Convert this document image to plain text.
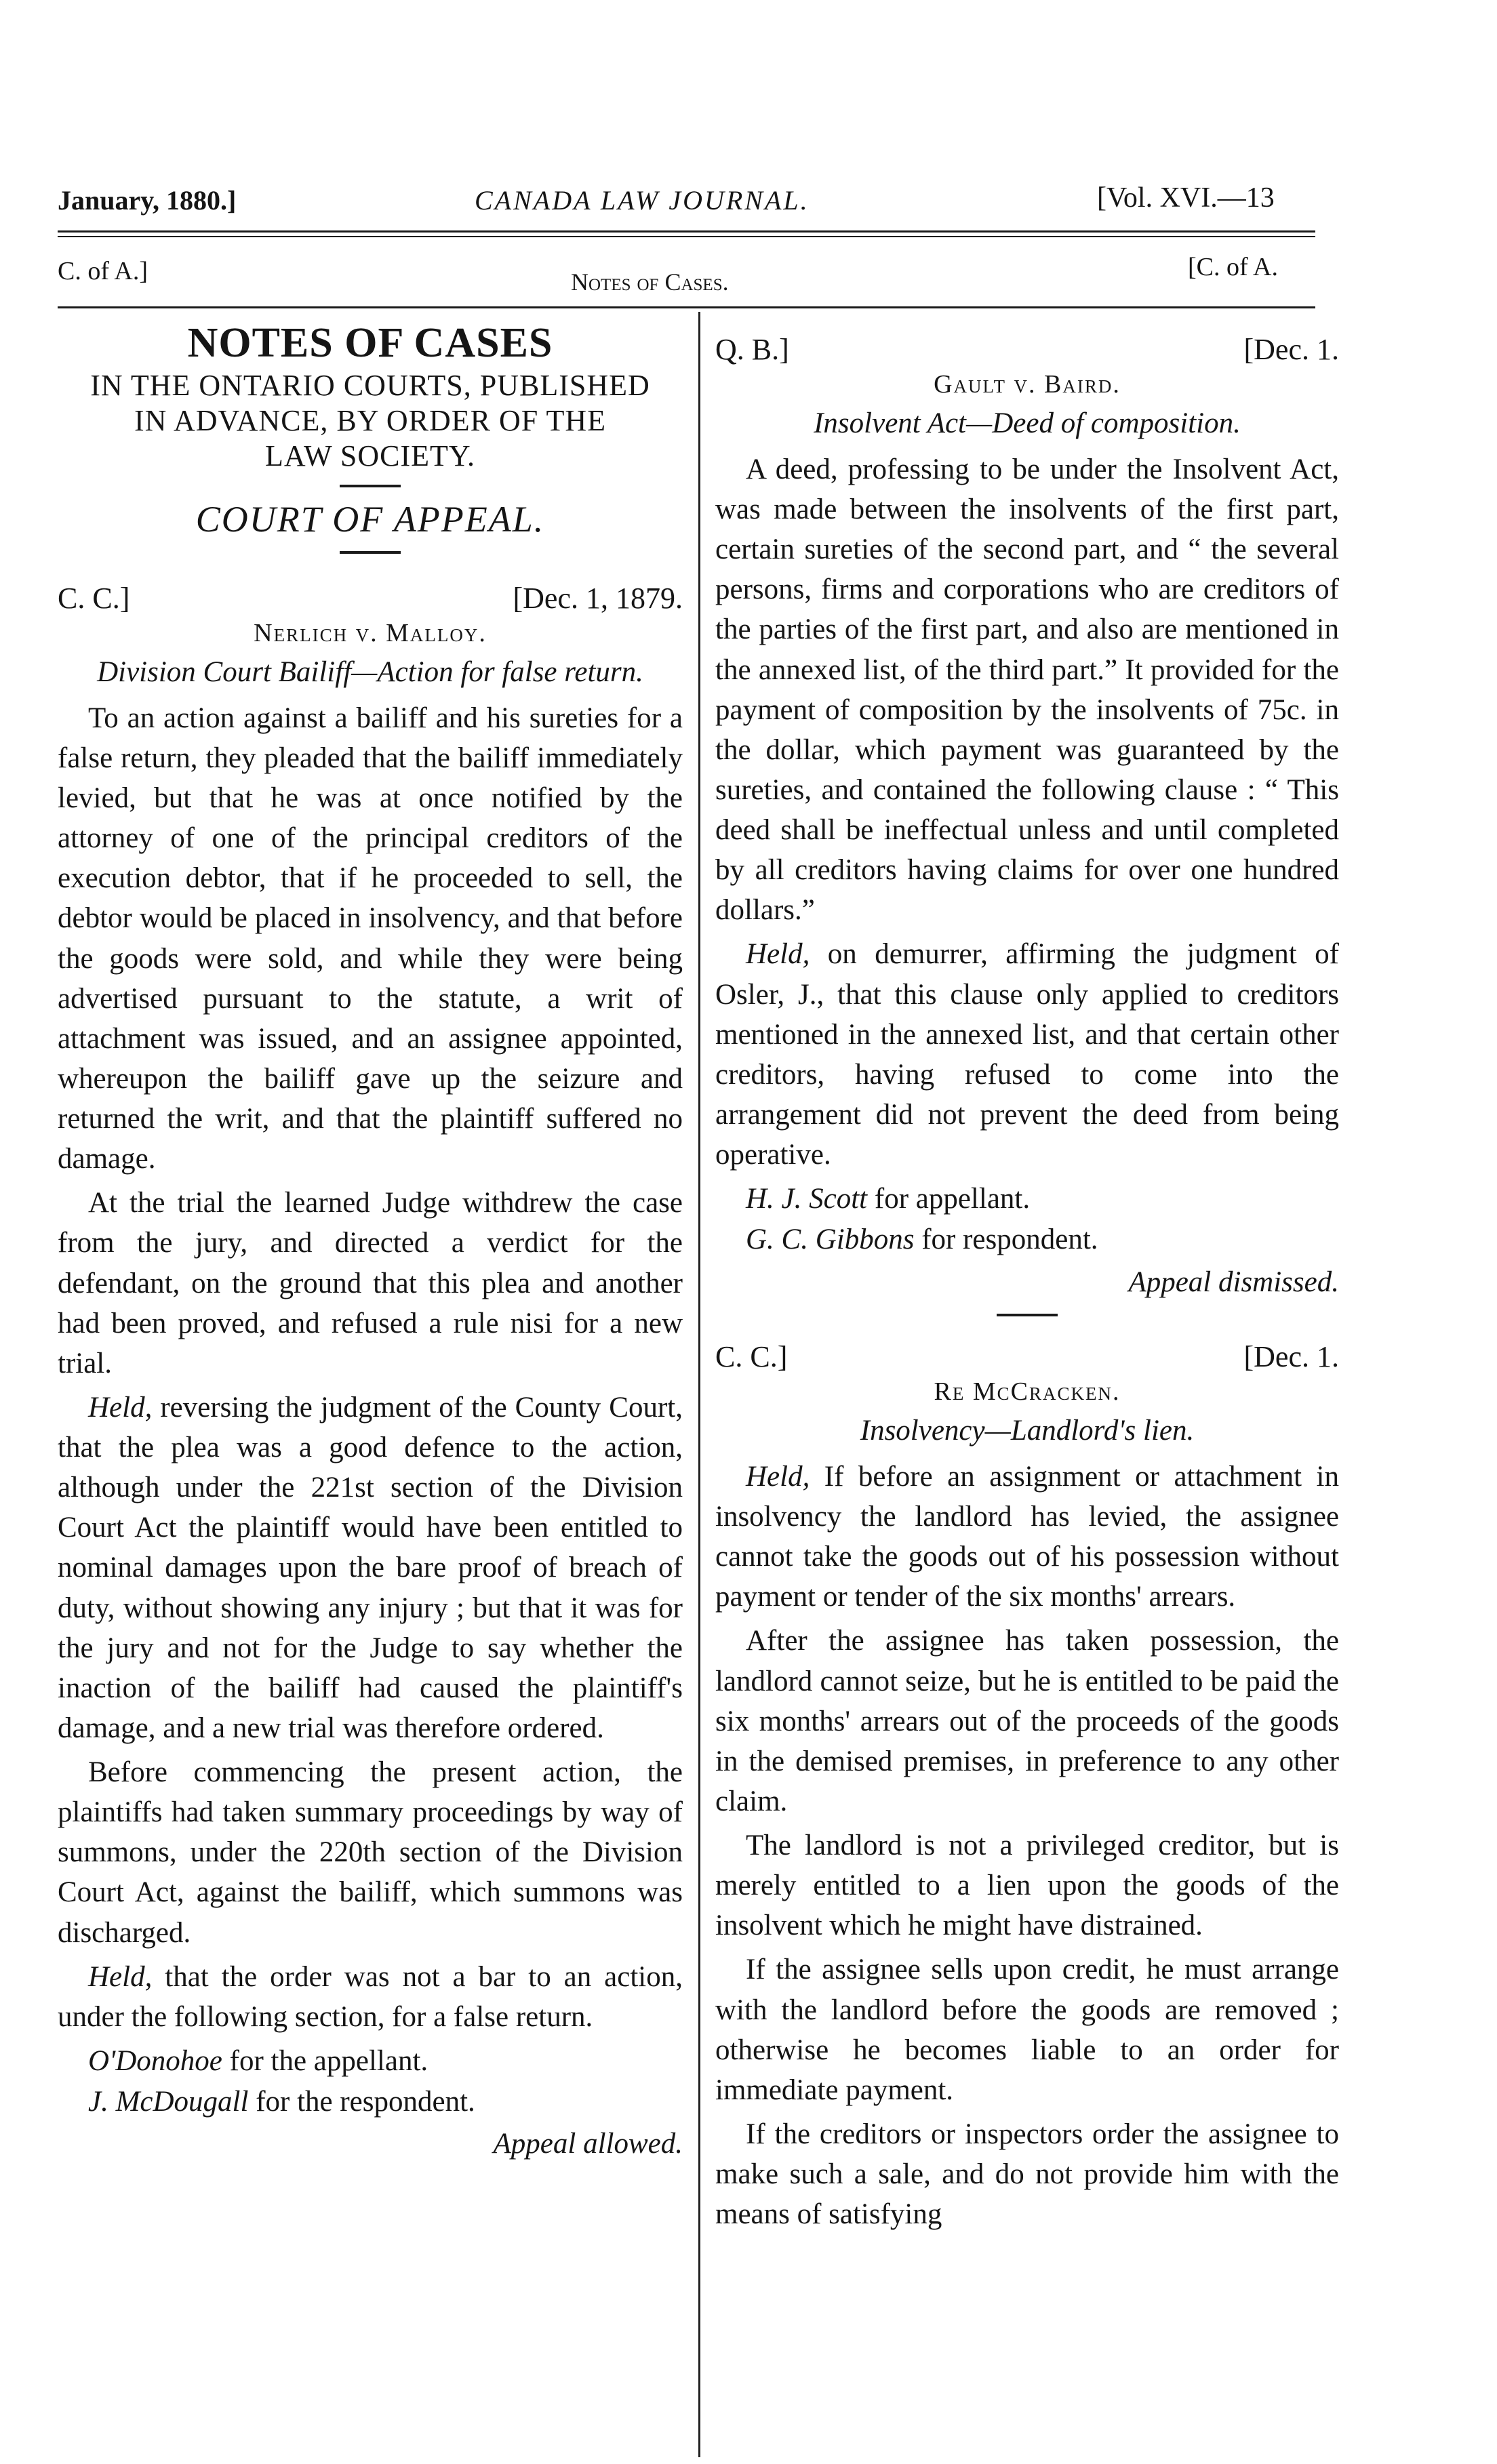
January, 1880.]	CANADA LAW JOURNAL.	[Vol. XVI.—13
C. of A.]	Notes of Cases.
[C. of A.
NOTES OF CASES
IN THE ONTARIO COURTS, PUBLISHED
IN ADVANCE, BY ORDER OF THE
LAW SOCIETY.
COURT OF APPEAL.
C. C.]	[Dec. 1, 1879.
Nerlich v. Malloy.
Division Court Bailiff—Action for false return.

To an action against a bailiff and his sureties for a false return, they pleaded that the bailiff immediately levied, but that he was at once notified by the attorney of one of the principal creditors of the execution debtor, that if he proceeded to sell, the debtor would be placed in insolvency, and that before the goods were sold, and while they were being advertised pursuant to the statute, a writ of attachment was issued, and an assignee appointed, whereupon the bailiff gave up the seizure and returned the writ, and that the plaintiff suffered no damage.

At the trial the learned Judge withdrew the case from the jury, and directed a verdict for the defendant, on the ground that this plea and another had been proved, and refused a rule nisi for a new trial.

Held, reversing the judgment of the County Court, that the plea was a good defence to the action, although under the 221st section of the Division Court Act the plaintiff would have been entitled to nominal damages upon the bare proof of breach of duty, without showing any injury ; but that it was for the jury and not for the Judge to say whether the inaction of the bailiff had caused the plaintiff's damage, and a new trial was therefore ordered.

Before commencing the present action, the plaintiffs had taken summary proceedings by way of summons, under the 220th section of the Division Court Act, against the bailiff, which summons was discharged.

Held, that the order was not a bar to an action, under the following section, for a false return.

O'Donohoe for the appellant.
J. McDougall for the respondent.
Appeal allowed.
Q. B.]	[Dec. 1.
Gault v. Baird.
Insolvent Act—Deed of composition.

A deed, professing to be under the Insolvent Act, was made between the insolvents of the first part, certain sureties of the second part, and “ the several persons, firms and corporations who are creditors of the parties of the first part, and also are mentioned in the annexed list, of the third part.” It provided for the payment of composition by the insolvents of 75c. in the dollar, which payment was guaranteed by the sureties, and contained the following clause : “ This deed shall be ineffectual unless and until completed by all creditors having claims for over one hundred dollars.”

Held, on demurrer, affirming the judgment of Osler, J., that this clause only applied to creditors mentioned in the annexed list, and that certain other creditors, having refused to come into the arrangement did not prevent the deed from being operative.

H. J. Scott for appellant.
G. C. Gibbons for respondent.
Appeal dismissed.
C. C.]	[Dec. 1.
Re McCracken.
Insolvency—Landlord's lien.

Held, If before an assignment or attachment in insolvency the landlord has levied, the assignee cannot take the goods out of his possession without payment or tender of the six months' arrears.

After the assignee has taken possession, the landlord cannot seize, but he is entitled to be paid the six months' arrears out of the proceeds of the goods in the demised premises, in preference to any other claim.

The landlord is not a privileged creditor, but is merely entitled to a lien upon the goods of the insolvent which he might have distrained.

If the assignee sells upon credit, he must arrange with the landlord before the goods are removed ; otherwise he becomes liable to an order for immediate payment.

If the creditors or inspectors order the assignee to make such a sale, and do not provide him with the means of satisfying
